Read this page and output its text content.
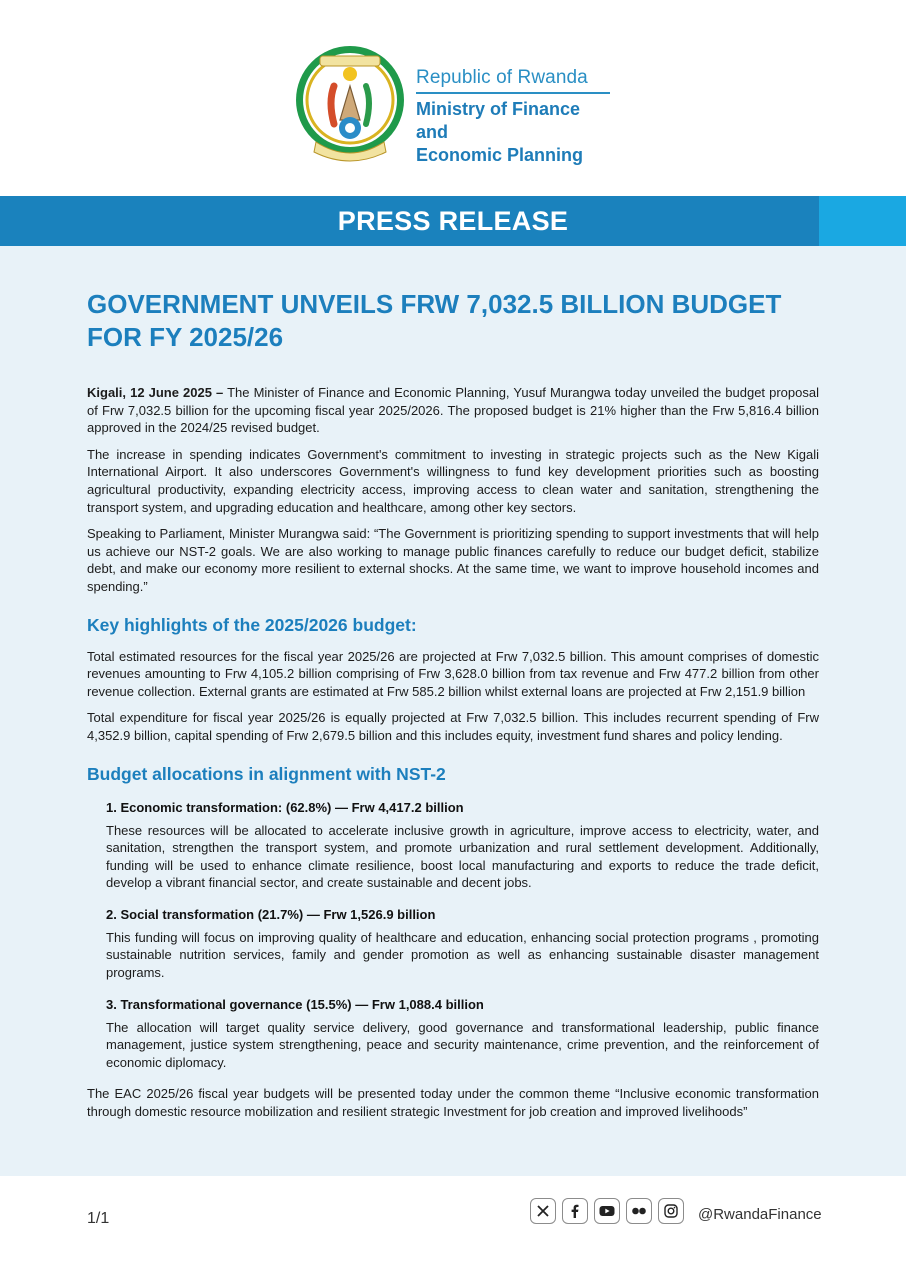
Republic of Rwanda
Ministry of Finance and
Economic Planning
PRESS RELEASE
GOVERNMENT UNVEILS FRW 7,032.5 BILLION BUDGET
FOR FY 2025/26

Kigali, 12 June 2025 – The Minister of Finance and Economic Planning, Yusuf Murangwa today unveiled the budget proposal of Frw 7,032.5 billion for the upcoming fiscal year 2025/2026. The proposed budget is 21% higher than the Frw 5,816.4 billion approved in the 2024/25 revised budget.

The increase in spending indicates Government's commitment to investing in strategic projects such as the New Kigali International Airport. It also underscores Government's willingness to fund key development priorities such as boosting agricultural productivity, expanding electricity access, improving access to clean water and sanitation, strengthening the transport system, and upgrading education and healthcare, among other key sectors.

Speaking to Parliament, Minister Murangwa said: “The Government is prioritizing spending to support investments that will help us achieve our NST-2 goals. We are also working to manage public finances carefully to reduce our budget deficit, stabilize debt, and make our economy more resilient to external shocks. At the same time, we want to improve household incomes and spending.”

Key highlights of the 2025/2026 budget:

Total estimated resources for the fiscal year 2025/26 are projected at Frw 7,032.5 billion. This amount comprises of domestic revenues amounting to Frw 4,105.2 billion comprising of Frw 3,628.0 billion from tax revenue and Frw 477.2 billion from other revenue collection. External grants are estimated at Frw 585.2 billion whilst external loans are projected at Frw 2,151.9 billion

Total expenditure for fiscal year 2025/26 is equally projected at Frw 7,032.5 billion. This includes recurrent spending of Frw 4,352.9 billion, capital spending of Frw 2,679.5 billion and this includes equity, investment fund shares and policy lending.

Budget allocations in alignment with NST-2
1. Economic transformation: (62.8%) — Frw 4,417.2 billion

These resources will be allocated to accelerate inclusive growth in agriculture, improve access to electricity, water, and sanitation, strengthen the transport system, and promote urbanization and rural settlement development. Additionally, funding will be used to enhance climate resilience, boost local manufacturing and exports to reduce the trade deficit, develop a vibrant financial sector, and create sustainable and decent jobs.

2. Social transformation (21.7%) — Frw 1,526.9 billion

This funding will focus on improving quality of healthcare and education, enhancing social protection programs , promoting sustainable nutrition services, family and gender promotion as well as enhancing sustainable disaster management programs.

3. Transformational governance (15.5%) — Frw 1,088.4 billion

The allocation will target quality service delivery, good governance and transformational leadership, public finance management, justice system strengthening, peace and security maintenance, crime prevention, and the reinforcement of economic diplomacy.

The EAC 2025/26 fiscal year budgets will be presented today under the common theme “Inclusive economic transformation through domestic resource mobilization and resilient strategic Investment for job creation and improved livelihoods”

1/1	@RwandaFinance
